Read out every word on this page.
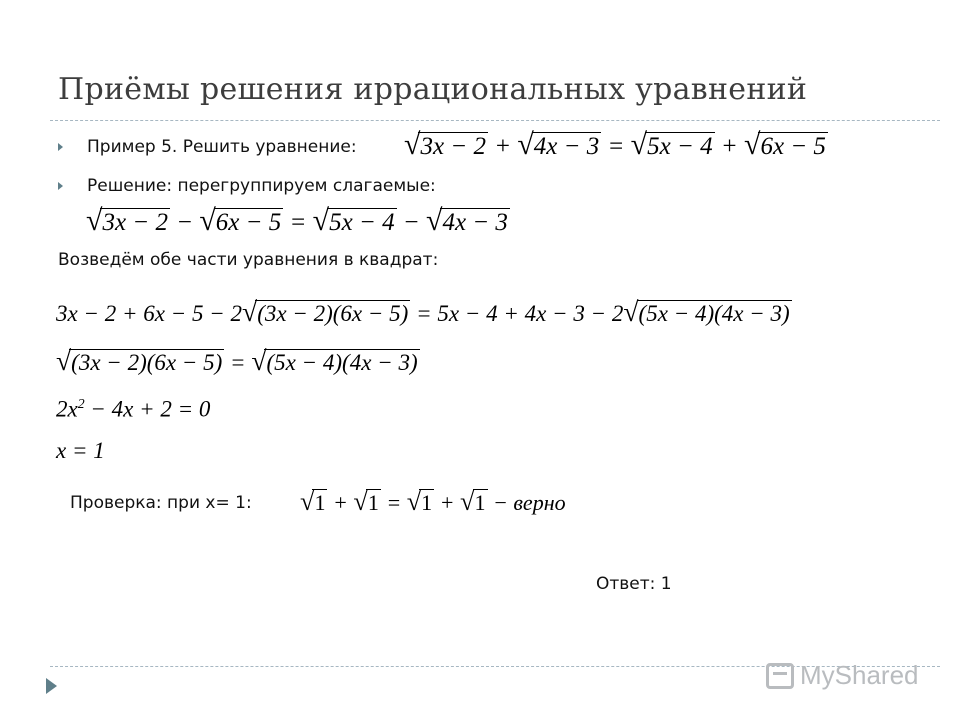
Приёмы решения иррациональных уравнений
Пример 5. Решить уравнение: √3x − 2 + √4x − 3 = √5x − 4 + √6x − 5
Решение: перегруппируем слагаемые:
√3x − 2 − √6x − 5 = √5x − 4 − √4x − 3
Возведём обе части уравнения в квадрат:
3x − 2 + 6x − 5 − 2√(3x − 2)(6x − 5) = 5x − 4 + 4x − 3 − 2√(5x − 4)(4x − 3)
√(3x − 2)(6x − 5) = √(5x − 4)(4x − 3)
$2x^2 - 4x + 2 = 0$
x = 1
Проверка: при x= 1: √1 + √1 = √1 + √1 − верно
Ответ: 1
MyShared
